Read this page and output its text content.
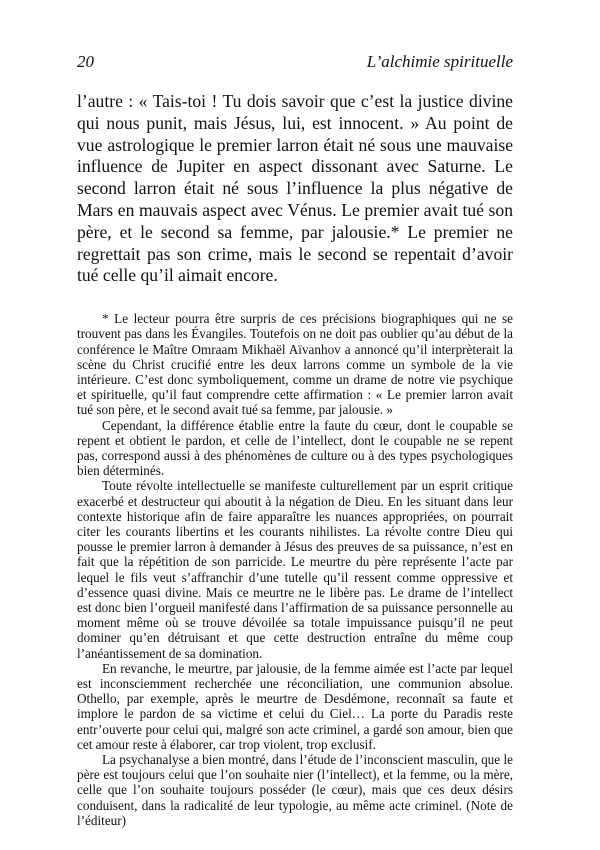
20	L’alchimie spirituelle

l’autre : « Tais-toi ! Tu dois savoir que c’est la justice divine qui nous punit, mais Jésus, lui, est innocent. » Au point de vue astrologique le premier larron était né sous une mauvaise influence de Jupiter en aspect dissonant avec Saturne. Le second larron était né sous l’influence la plus négative de Mars en mauvais aspect avec Vénus. Le premier avait tué son père, et le second sa femme, par jalousie.* Le premier ne regrettait pas son crime, mais le second se repentait d’avoir tué celle qu’il aimait encore.

* Le lecteur pourra être surpris de ces précisions biographiques qui ne se trouvent pas dans les Évangiles. Toutefois on ne doit pas oublier qu’au début de la conférence le Maître Omraam Mikhaël Aïvanhov a annoncé qu’il interprèterait la scène du Christ crucifié entre les deux larrons comme un symbole de la vie intérieure. C’est donc symboliquement, comme un drame de notre vie psychique et spirituelle, qu’il faut comprendre cette affirmation : « Le premier larron avait tué son père, et le second avait tué sa femme, par jalousie. »

Cependant, la différence établie entre la faute du cœur, dont le coupable se repent et obtient le pardon, et celle de l’intellect, dont le coupable ne se repent pas, correspond aussi à des phénomènes de culture ou à des types psychologiques bien déterminés.

Toute révolte intellectuelle se manifeste culturellement par un esprit critique exacerbé et destructeur qui aboutit à la négation de Dieu. En les situant dans leur contexte historique afin de faire apparaître les nuances appropriées, on pourrait citer les courants libertins et les courants nihilistes. La révolte contre Dieu qui pousse le premier larron à demander à Jésus des preuves de sa puissance, n’est en fait que la répétition de son parricide. Le meurtre du père représente l’acte par lequel le fils veut s’affranchir d’une tutelle qu’il ressent comme oppressive et d’essence quasi divine. Mais ce meurtre ne le libère pas. Le drame de l’intellect est donc bien l’orgueil manifesté dans l’affirmation de sa puissance personnelle au moment même où se trouve dévoilée sa totale impuissance puisqu’il ne peut dominer qu’en détruisant et que cette destruction entraîne du même coup l’anéantissement de sa domination.

En revanche, le meurtre, par jalousie, de la femme aimée est l’acte par lequel est inconsciemment recherchée une réconciliation, une communion absolue. Othello, par exemple, après le meurtre de Desdémone, reconnaît sa faute et implore le pardon de sa victime et celui du Ciel… La porte du Paradis reste entr’ouverte pour celui qui, malgré son acte criminel, a gardé son amour, bien que cet amour reste à élaborer, car trop violent, trop exclusif.

La psychanalyse a bien montré, dans l’étude de l’inconscient masculin, que le père est toujours celui que l’on souhaite nier (l’intellect), et la femme, ou la mère, celle que l’on souhaite toujours posséder (le cœur), mais que ces deux désirs conduisent, dans la radicalité de leur typologie, au même acte criminel. (Note de l’éditeur)
